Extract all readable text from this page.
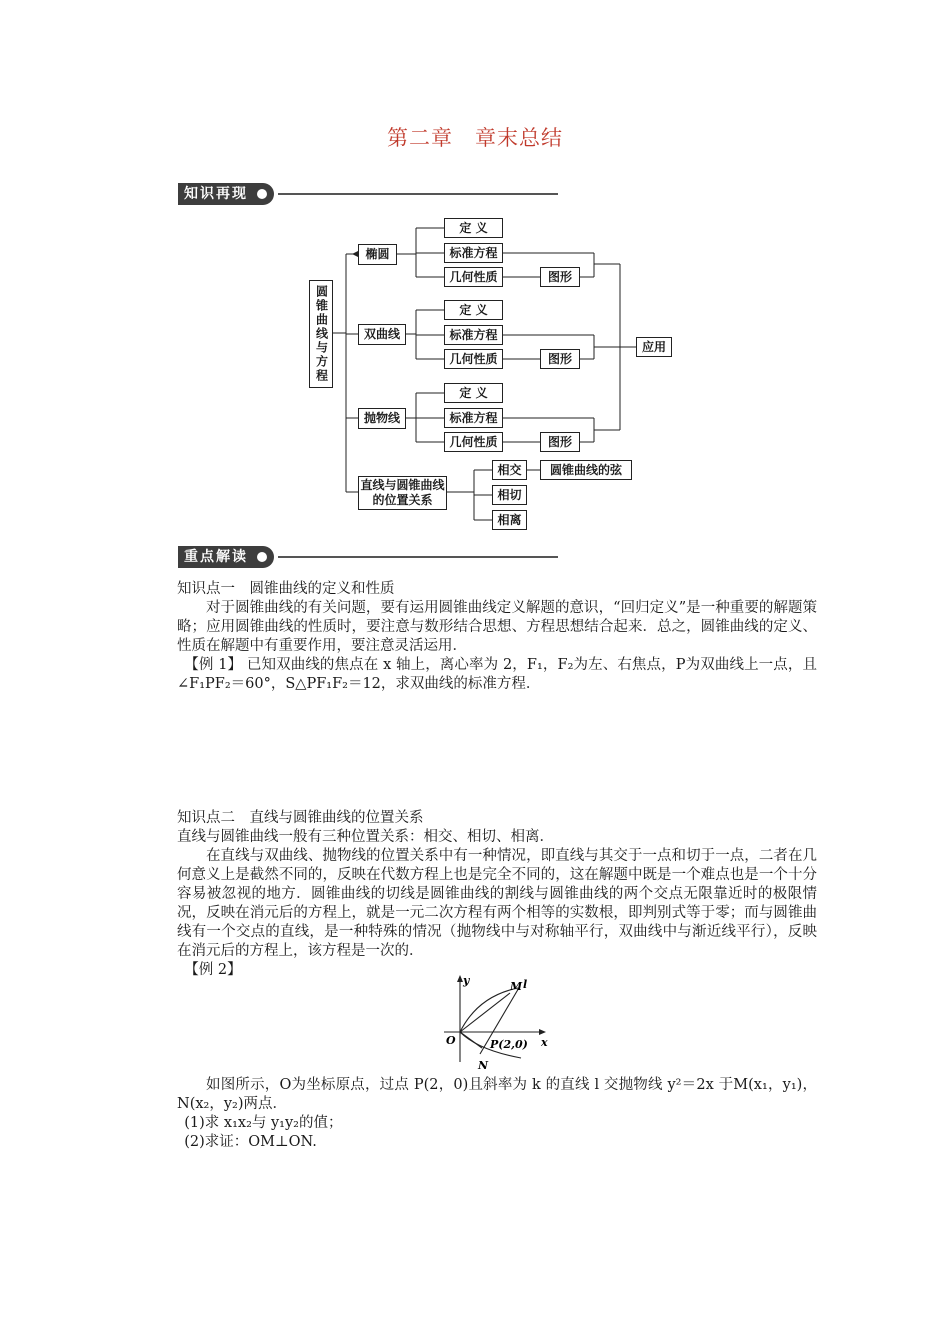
第二章　章末总结
知识再现
圆锥曲线与方程
椭圆
双曲线
抛物线
直线与圆锥曲线的位置关系
定 义
标准方程
几何性质	图形
定 义
标准方程
几何性质	图形
定 义
标准方程
几何性质	图形
应用
相交
相切
相离
圆锥曲线的弦
重点解读
知识点一　圆锥曲线的定义和性质
对于圆锥曲线的有关问题，要有运用圆锥曲线定义解题的意识，“回归定义”是一种重要的解题策略；应用圆锥曲线的性质时，要注意与数形结合思想、方程思想结合起来．总之，圆锥曲线的定义、性质在解题中有重要作用，要注意灵活运用．
【例 1】 已知双曲线的焦点在 x 轴上，离心率为 2，F₁，F₂为左、右焦点，P为双曲线上一点，且∠F₁PF₂＝60°，S△PF₁F₂＝12，求双曲线的标准方程．
知识点二　直线与圆锥曲线的位置关系
直线与圆锥曲线一般有三种位置关系：相交、相切、相离．
在直线与双曲线、抛物线的位置关系中有一种情况，即直线与其交于一点和切于一点，二者在几何意义上是截然不同的，反映在代数方程上也是完全不同的，这在解题中既是一个难点也是一个十分容易被忽视的地方．圆锥曲线的切线是圆锥曲线的割线与圆锥曲线的两个交点无限靠近时的极限情况，反映在消元后的方程上，就是一元二次方程有两个相等的实数根，即判别式等于零；而与圆锥曲线有一个交点的直线，是一种特殊的情况（抛物线中与对称轴平行，双曲线中与渐近线平行），反映在消元后的方程上，该方程是一次的．
【例 2】
y
x
O
M l
N
P(2,0)
如图所示，O为坐标原点，过点 P(2，0)且斜率为 k 的直线 l 交抛物线 y²＝2x 于M(x₁，y₁)，N(x₂，y₂)两点．
(1)求 x₁x₂与 y₁y₂的值；
(2)求证：OM⊥ON.
